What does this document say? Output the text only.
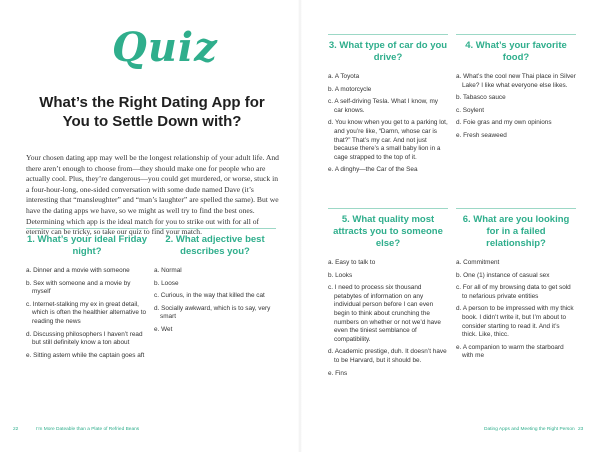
Quiz
What’s the Right Dating App for You to Settle Down with?
Your chosen dating app may well be the longest relationship of your adult life. And there aren’t enough to choose from—they should make one for people who are actually cool. Plus, they’re dangerous—you could get murdered, or worse, stuck in a four-hour-long, one-sided conversation with some dude named Dave (it’s interesting that “mansleughter” and “man’s laughter” are spelled the same). But we have the dating apps we have, so we might as well try to find the best ones. Determining which app is the ideal match for you to strike out with for all of eternity can be tricky, so take our quiz to find your match.
1. What’s your ideal Friday night?
a. Dinner and a movie with someone
b. Sex with someone and a movie by myself
c. Internet-stalking my ex in great detail, which is often the healthier alternative to reading the news
d. Discussing philosophers I haven’t read but still definitely know a ton about
e. Sitting astern while the captain goes aft
2. What adjective best describes you?
a. Normal
b. Loose
c. Curious, in the way that killed the cat
d. Socially awkward, which is to say, very smart
e. Wet
22	I’m More Dateable than a Plate of Refried Beans
3. What type of car do you drive?
a. A Toyota
b. A motorcycle
c. A self-driving Tesla. What I know, my car knows.
d. You know when you get to a parking lot, and you’re like, “Damn, whose car is that?” That’s my car. And not just because there’s a small baby lion in a cage strapped to the top of it.
e. A dinghy—the Car of the Sea
4. What’s your favorite food?
a. What’s the cool new Thai place in Silver Lake? I like what everyone else likes.
b. Tabasco sauce
c. Soylent
d. Foie gras and my own opinions
e. Fresh seaweed
5. What quality most attracts you to someone else?
a. Easy to talk to
b. Looks
c. I need to process six thousand petabytes of information on any individual person before I can even begin to think about crunching the numbers on whether or not we’d have even the tiniest semblance of compatibility.
d. Academic prestige, duh. It doesn’t have to be Harvard, but it should be.
e. Fins
6. What are you looking for in a failed relationship?
a. Commitment
b. One (1) instance of casual sex
c. For all of my browsing data to get sold to nefarious private entities
d. A person to be impressed with my thick book. I didn’t write it, but I’m about to consider starting to read it. And it’s thick. Like, thicc.
e. A companion to warm the starboard with me
Dating Apps and Meeting the Right Person 23
